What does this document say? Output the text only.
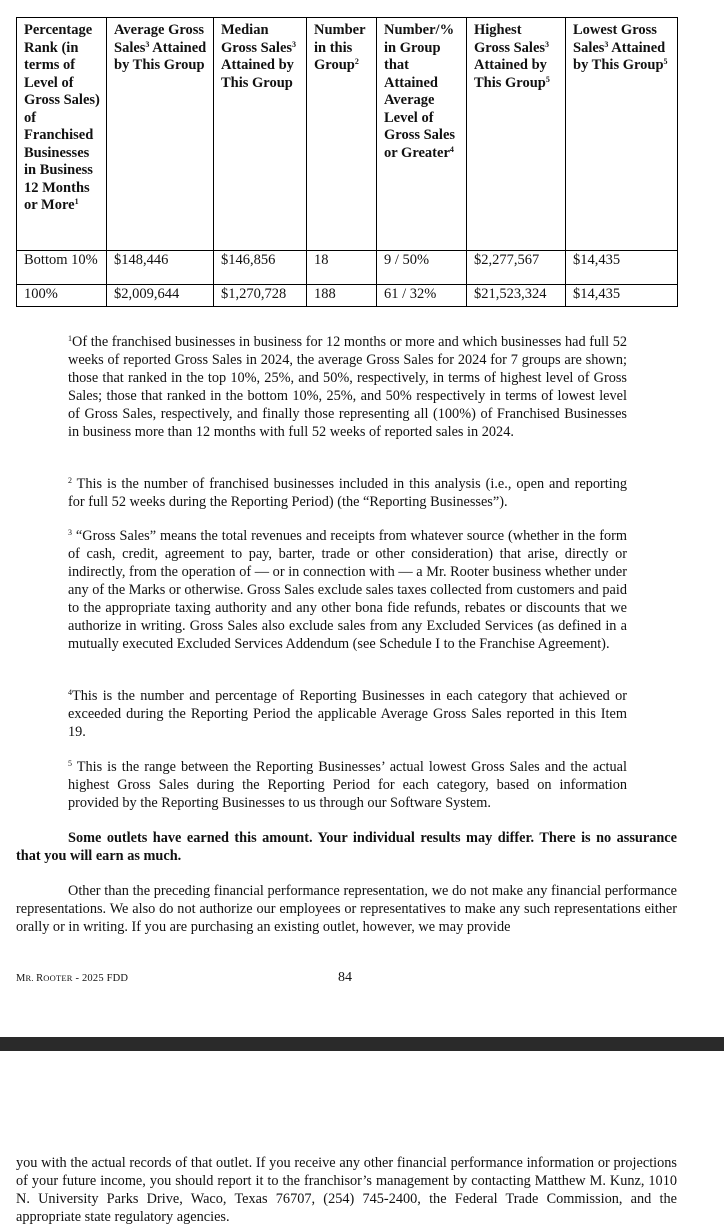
Percentage Rank (in terms of Level of Gross Sales) of Franchised Businesses in Business 12 Months or More$^1$	Average Gross Sales$^3$ Attained by This Group	Median Gross Sales$^3$ Attained by This Group	Number in this Group$^2$	Number/% in Group that Attained Average Level of Gross Sales or Greater$^4$	Highest Gross Sales$^3$ Attained by This Group$^5$	Lowest Gross Sales$^3$ Attained by This Group$^5$
Bottom 10%	$148,446	$146,856	18	9 / 50%	$2,277,567	$14,435
100%	$2,009,644	$1,270,728	188	61 / 32%	$21,523,324	$14,435

$^1$Of the franchised businesses in business for 12 months or more and which businesses had full 52 weeks of reported Gross Sales in 2024, the average Gross Sales for 2024 for 7 groups are shown; those that ranked in the top 10%, 25%, and 50%, respectively, in terms of highest level of Gross Sales; those that ranked in the bottom 10%, 25%, and 50% respectively in terms of lowest level of Gross Sales, respectively, and finally those representing all (100%) of Franchised Businesses in business more than 12 months with full 52 weeks of reported sales in 2024.

$^2$ This is the number of franchised businesses included in this analysis (i.e., open and reporting for full 52 weeks during the Reporting Period) (the “Reporting Businesses”).

$^3$ “Gross Sales” means the total revenues and receipts from whatever source (whether in the form of cash, credit, agreement to pay, barter, trade or other consideration) that arise, directly or indirectly, from the operation of — or in connection with — a Mr. Rooter business whether under any of the Marks or otherwise. Gross Sales exclude sales taxes collected from customers and paid to the appropriate taxing authority and any other bona fide refunds, rebates or discounts that we authorize in writing. Gross Sales also exclude sales from any Excluded Services (as defined in a mutually executed Excluded Services Addendum (see Schedule I to the Franchise Agreement).

$^4$This is the number and percentage of Reporting Businesses in each category that achieved or exceeded during the Reporting Period the applicable Average Gross Sales reported in this Item 19.

$^5$ This is the range between the Reporting Businesses’ actual lowest Gross Sales and the actual highest Gross Sales during the Reporting Period for each category, based on information provided by the Reporting Businesses to us through our Software System.

Some outlets have earned this amount. Your individual results may differ. There is no assurance that you will earn as much.

Other than the preceding financial performance representation, we do not make any financial performance representations. We also do not authorize our employees or representatives to make any such representations either orally or in writing. If you are purchasing an existing outlet, however, we may provide

MR. ROOTER - 2025 FDD	84

you with the actual records of that outlet. If you receive any other financial performance information or projections of your future income, you should report it to the franchisor’s management by contacting Matthew M. Kunz, 1010 N. University Parks Drive, Waco, Texas 76707, (254) 745-2400, the Federal Trade Commission, and the appropriate state regulatory agencies.
